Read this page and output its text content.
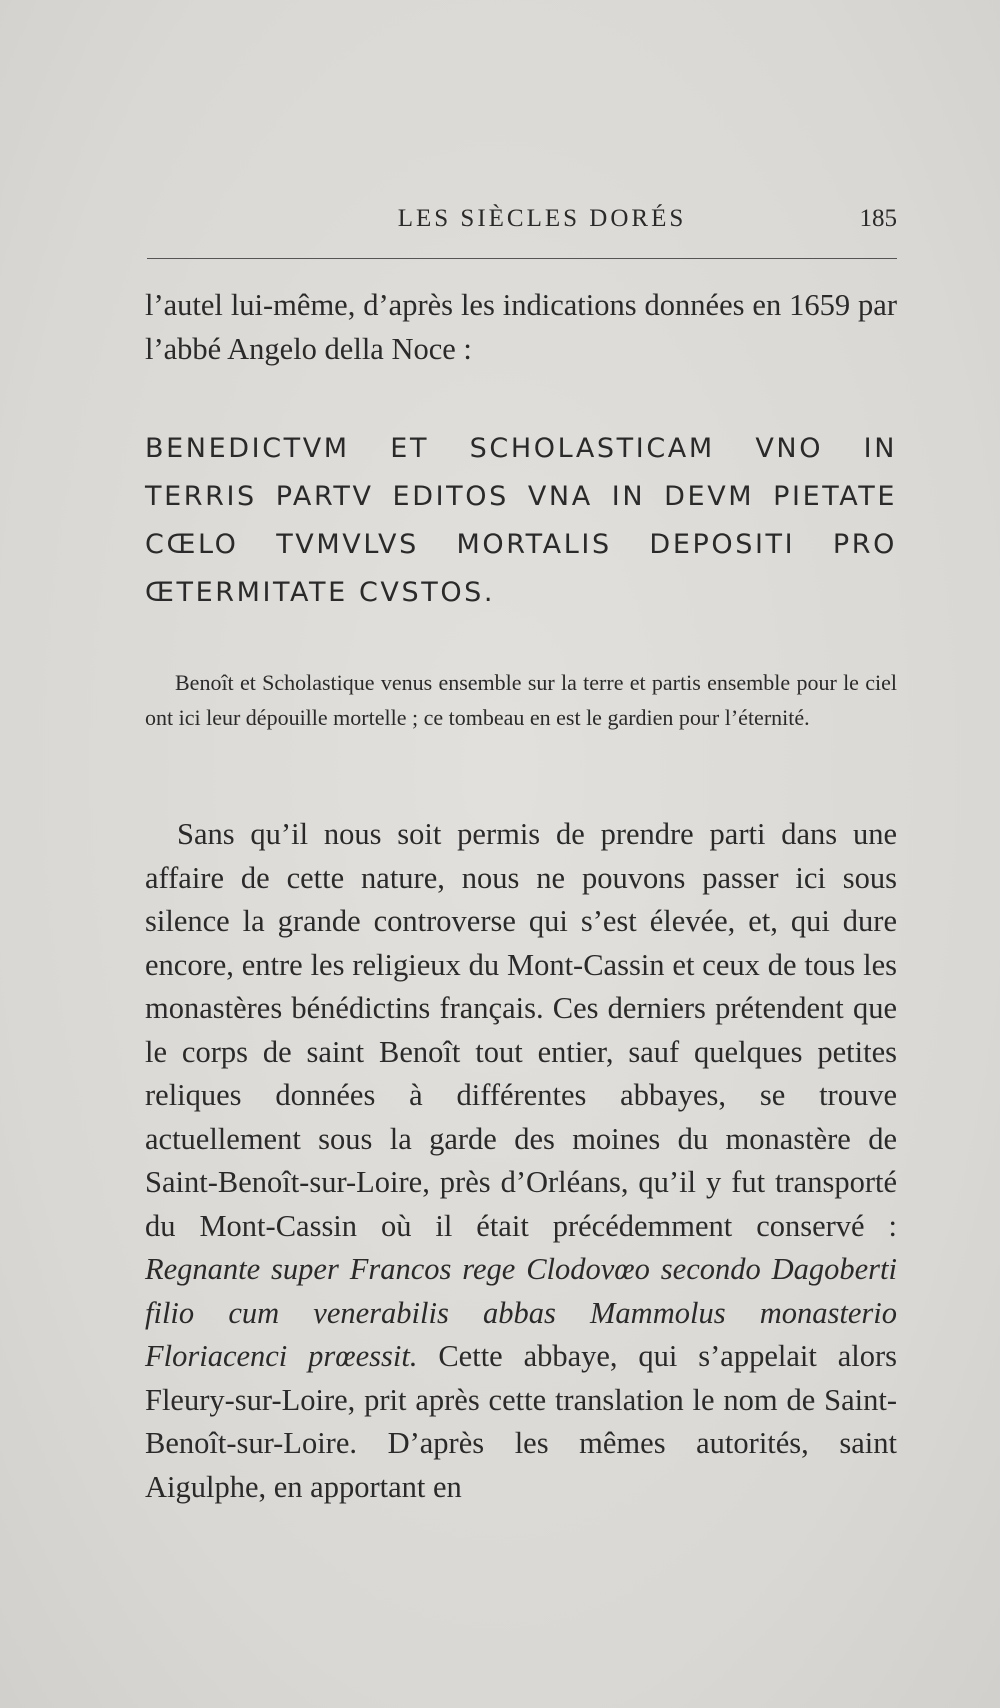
LES SIÈCLES DORÉS	185

l’autel lui-même, d’après les indications données en 1659 par l’abbé Angelo della Noce :

BENEDICTVM ET SCHOLASTICAM VNO IN TERRIS PARTV EDITOS VNA IN DEVM PIETATE CŒLO TVMVLVS MORTALIS DEPOSITI PRO ŒTERMITATE CVSTOS.

Benoît et Scholastique venus ensemble sur la terre et partis ensemble pour le ciel ont ici leur dépouille mortelle ; ce tombeau en est le gardien pour l’éternité.

Sans qu’il nous soit permis de prendre parti dans une affaire de cette nature, nous ne pouvons passer ici sous silence la grande controverse qui s’est élevée, et, qui dure encore, entre les religieux du Mont-Cassin et ceux de tous les monastères bénédictins français. Ces derniers prétendent que le corps de saint Benoît tout entier, sauf quelques petites reliques données à différentes abbayes, se trouve actuellement sous la garde des moines du monastère de Saint-Benoît-sur-Loire, près d’Orléans, qu’il y fut transporté du Mont-Cassin où il était précédemment conservé : Regnante super Francos rege Clodovœo secondo Dagoberti filio cum venerabilis abbas Mammolus monasterio Floriacenci prœessit. Cette abbaye, qui s’appelait alors Fleury-sur-Loire, prit après cette translation le nom de Saint-Benoît-sur-Loire. D’après les mêmes autorités, saint Aigulphe, en apportant en
